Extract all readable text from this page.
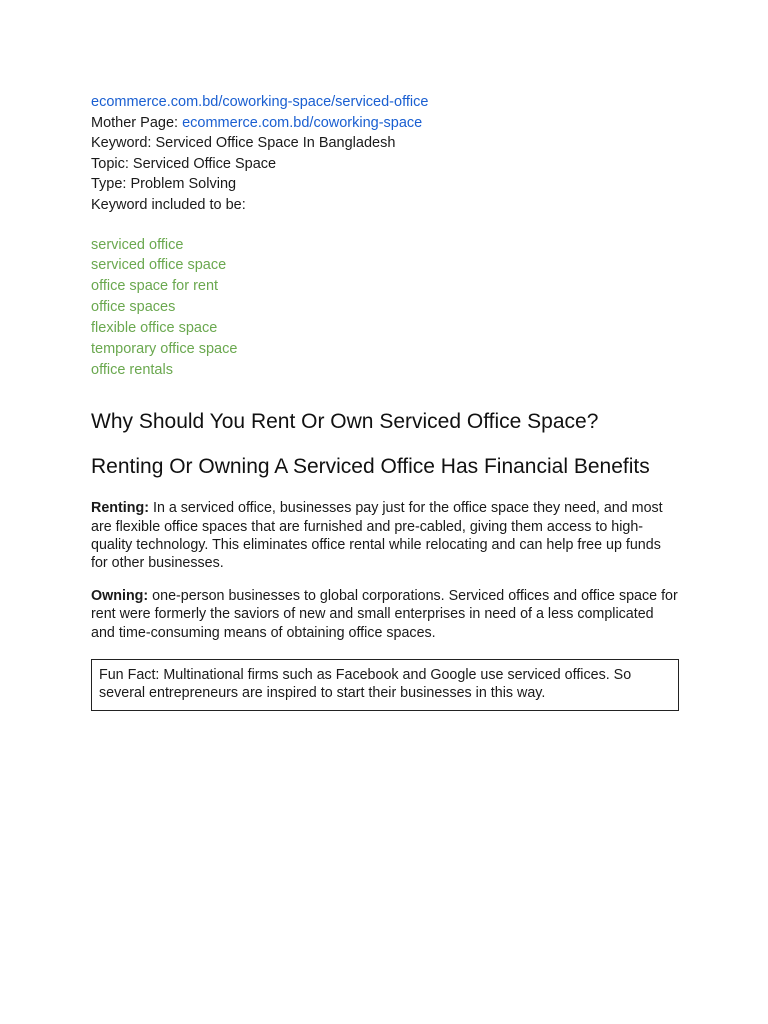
ecommerce.com.bd/coworking-space/serviced-office
Mother Page: ecommerce.com.bd/coworking-space
Keyword: Serviced Office Space In Bangladesh
Topic: Serviced Office Space
Type: Problem Solving
Keyword included to be:
serviced office
serviced office space
office space for rent
office spaces
flexible office space
temporary office space
office rentals
Why Should You Rent Or Own Serviced Office Space?
Renting Or Owning A Serviced Office Has Financial Benefits

Renting: In a serviced office, businesses pay just for the office space they need, and most are flexible office spaces that are furnished and pre-cabled, giving them access to high-quality technology. This eliminates office rental while relocating and can help free up funds for other businesses.

Owning: one-person businesses to global corporations. Serviced offices and office space for rent were formerly the saviors of new and small enterprises in need of a less complicated and time-consuming means of obtaining office spaces.

Fun Fact: Multinational firms such as Facebook and Google use serviced offices. So several entrepreneurs are inspired to start their businesses in this way.
